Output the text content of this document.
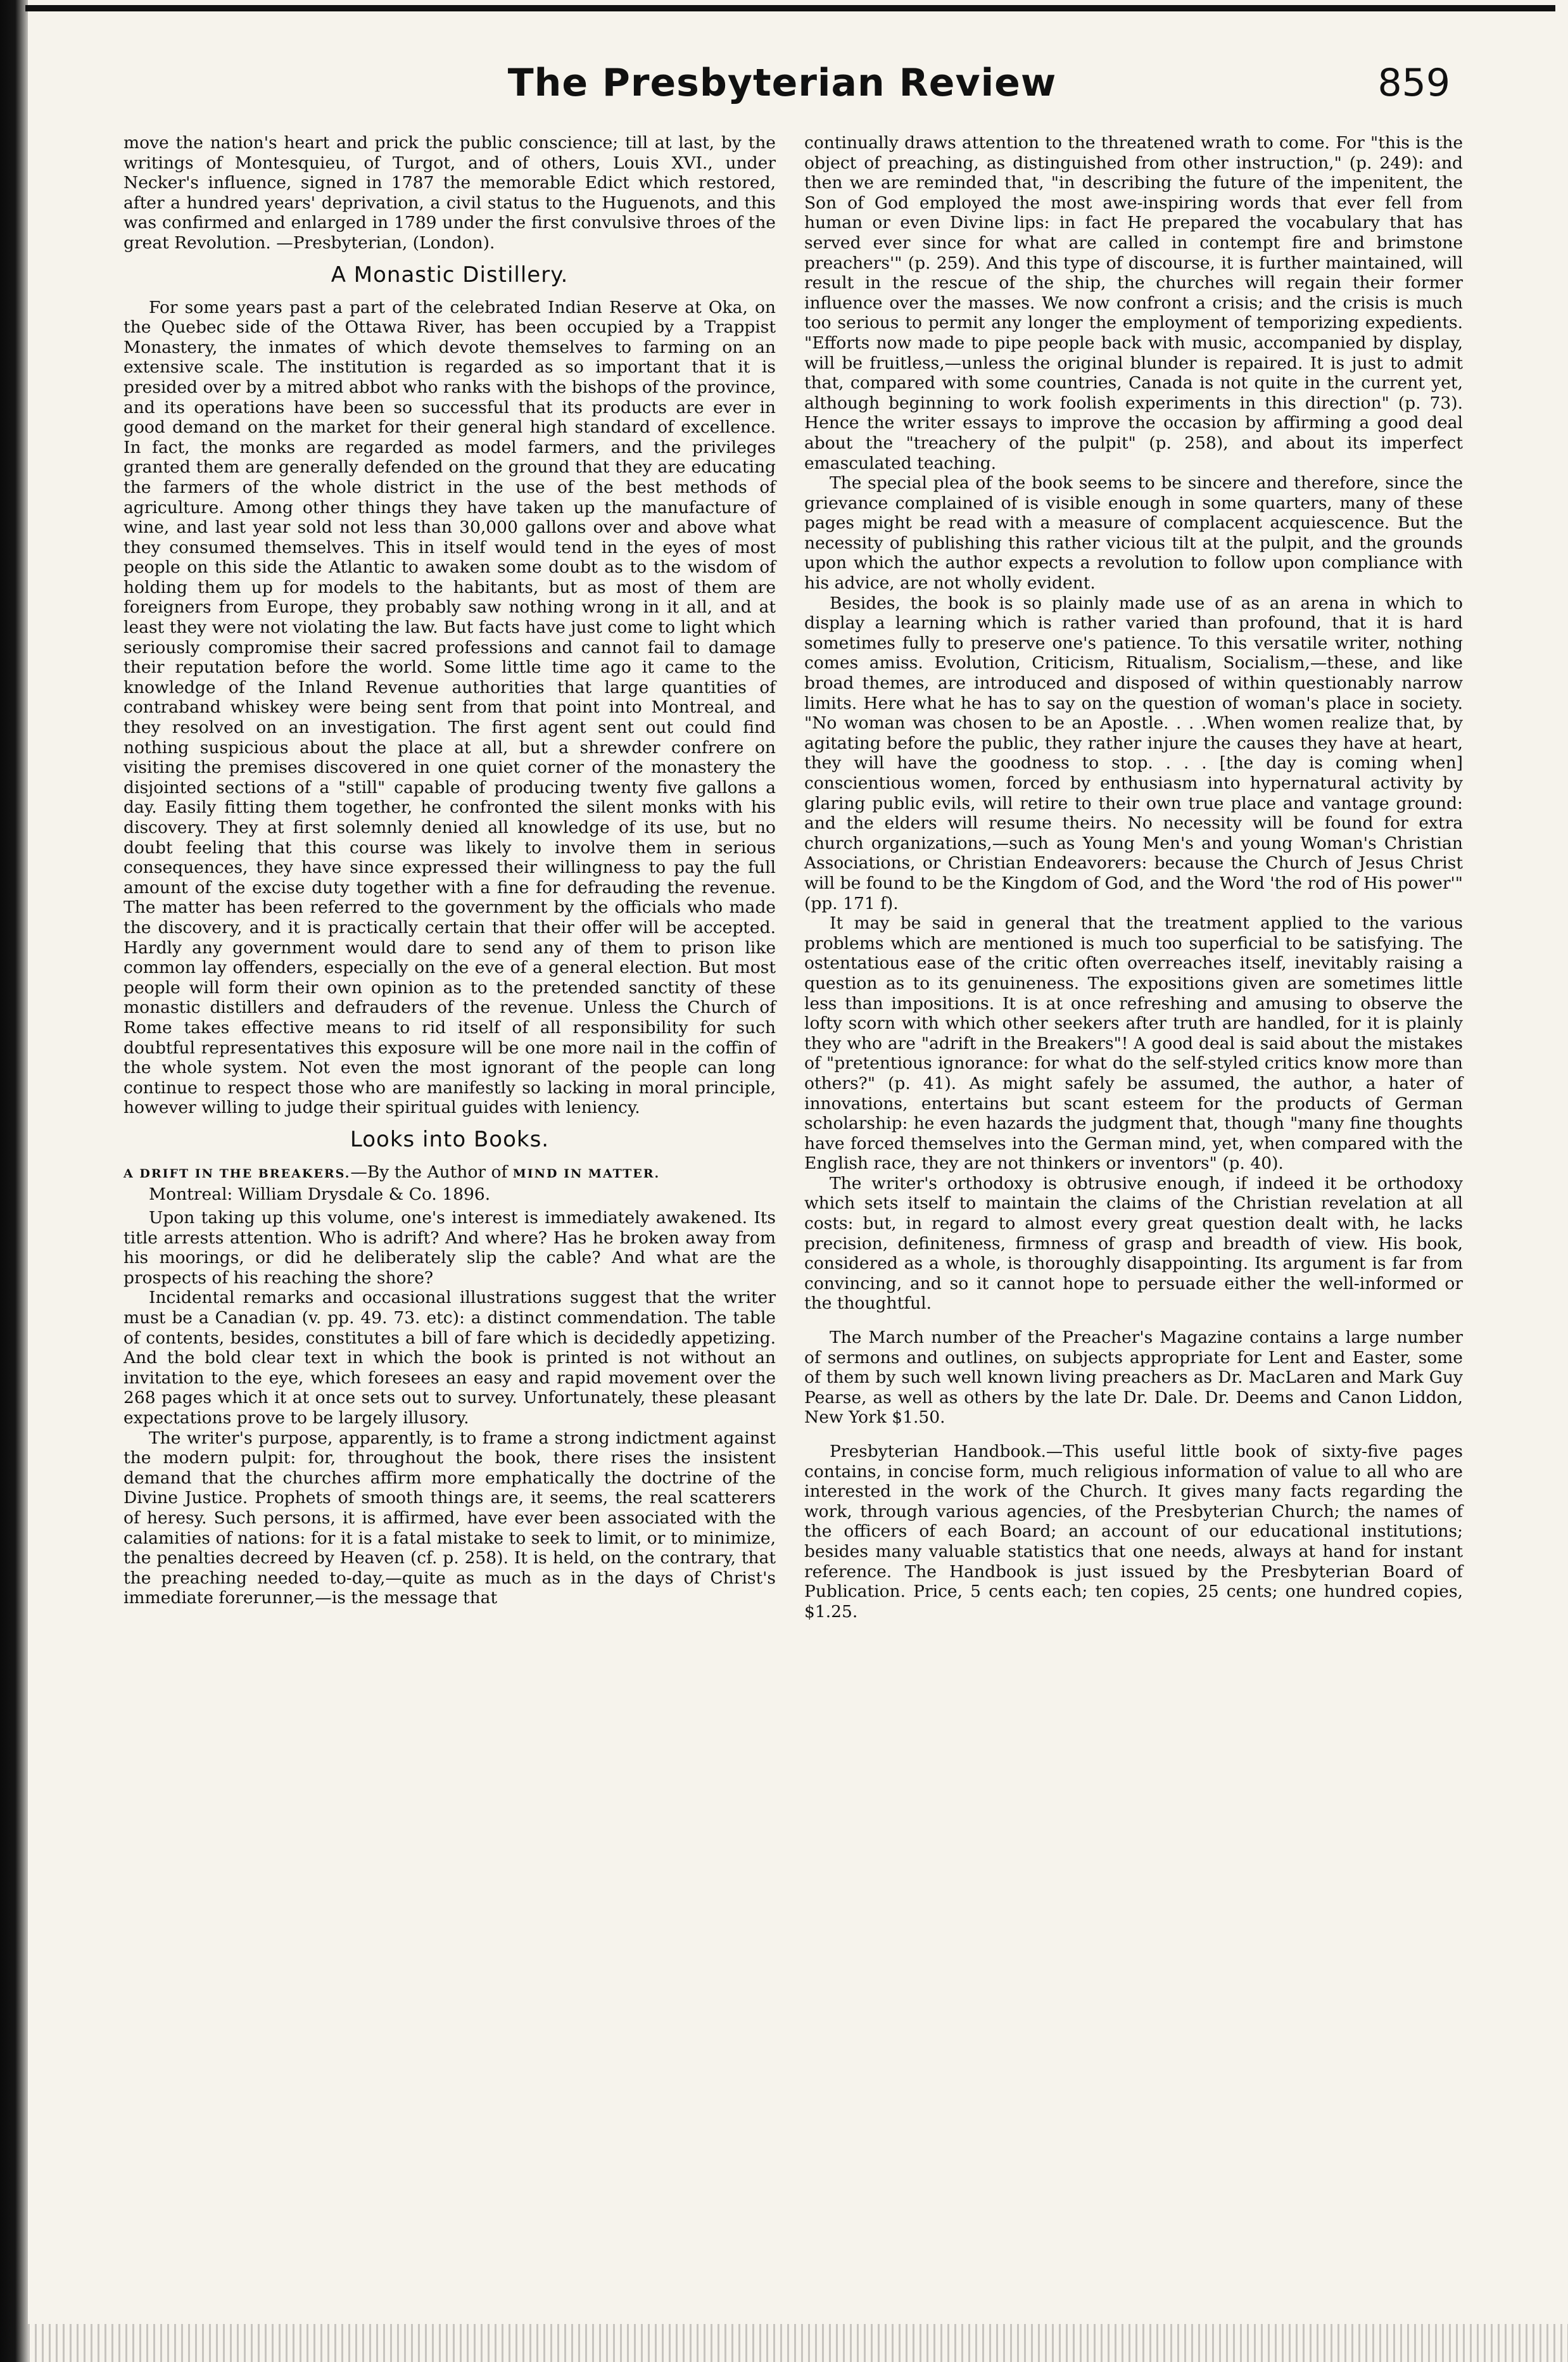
The Presbyterian Review	859

move the nation's heart and prick the public conscience; till at last, by the writings of Montesquieu, of Turgot, and of others, Louis XVI., under Necker's influence, signed in 1787 the memorable Edict which restored, after a hundred years' deprivation, a civil status to the Huguenots, and this was confirmed and enlarged in 1789 under the first convulsive throes of the great Revolution. —Presbyterian, (London).

A Monastic Distillery.

For some years past a part of the celebrated Indian Reserve at Oka, on the Quebec side of the Ottawa River, has been occupied by a Trappist Monastery, the inmates of which devote themselves to farming on an extensive scale. The institution is regarded as so important that it is presided over by a mitred abbot who ranks with the bishops of the province, and its operations have been so successful that its products are ever in good demand on the market for their general high standard of excellence. In fact, the monks are regarded as model farmers, and the privileges granted them are generally defended on the ground that they are educating the farmers of the whole district in the use of the best methods of agriculture. Among other things they have taken up the manufacture of wine, and last year sold not less than 30,000 gallons over and above what they consumed themselves. This in itself would tend in the eyes of most people on this side the Atlantic to awaken some doubt as to the wisdom of holding them up for models to the habitants, but as most of them are foreigners from Europe, they probably saw nothing wrong in it all, and at least they were not violating the law. But facts have just come to light which seriously compromise their sacred professions and cannot fail to damage their reputation before the world. Some little time ago it came to the knowledge of the Inland Revenue authorities that large quantities of contraband whiskey were being sent from that point into Montreal, and they resolved on an investigation. The first agent sent out could find nothing suspicious about the place at all, but a shrewder confrere on visiting the premises discovered in one quiet corner of the monastery the disjointed sections of a "still" capable of producing twenty five gallons a day. Easily fitting them together, he confronted the silent monks with his discovery. They at first solemnly denied all knowledge of its use, but no doubt feeling that this course was likely to involve them in serious consequences, they have since expressed their willingness to pay the full amount of the excise duty together with a fine for defrauding the revenue. The matter has been referred to the government by the officials who made the discovery, and it is practically certain that their offer will be accepted. Hardly any government would dare to send any of them to prison like common lay offenders, especially on the eve of a general election. But most people will form their own opinion as to the pretended sanctity of these monastic distillers and defrauders of the revenue. Unless the Church of Rome takes effective means to rid itself of all responsibility for such doubtful representatives this exposure will be one more nail in the coffin of the whole system. Not even the most ignorant of the people can long continue to respect those who are manifestly so lacking in moral principle, however willing to judge their spiritual guides with leniency.

Looks into Books.
A DRIFT IN THE BREAKERS.—By the Author of MIND IN MATTER.
Montreal: William Drysdale & Co. 1896.

Upon taking up this volume, one's interest is immediately awakened. Its title arrests attention. Who is adrift? And where? Has he broken away from his moorings, or did he deliberately slip the cable? And what are the prospects of his reaching the shore?

Incidental remarks and occasional illustrations suggest that the writer must be a Canadian (v. pp. 49. 73. etc): a distinct commendation. The table of contents, besides, constitutes a bill of fare which is decidedly appetizing. And the bold clear text in which the book is printed is not without an invitation to the eye, which foresees an easy and rapid movement over the 268 pages which it at once sets out to survey. Unfortunately, these pleasant expectations prove to be largely illusory.

The writer's purpose, apparently, is to frame a strong indictment against the modern pulpit: for, throughout the book, there rises the insistent demand that the churches affirm more emphatically the doctrine of the Divine Justice. Prophets of smooth things are, it seems, the real scatterers of heresy. Such persons, it is affirmed, have ever been associated with the calamities of nations: for it is a fatal mistake to seek to limit, or to minimize, the penalties decreed by Heaven (cf. p. 258). It is held, on the contrary, that the preaching needed to-day,—quite as much as in the days of Christ's immediate forerunner,—is the message that

continually draws attention to the threatened wrath to come. For "this is the object of preaching, as distinguished from other instruction," (p. 249): and then we are reminded that, "in describing the future of the impenitent, the Son of God employed the most awe-inspiring words that ever fell from human or even Divine lips: in fact He prepared the vocabulary that has served ever since for what are called in contempt fire and brimstone preachers'" (p. 259). And this type of discourse, it is further maintained, will result in the rescue of the ship, the churches will regain their former influence over the masses. We now confront a crisis; and the crisis is much too serious to permit any longer the employment of temporizing expedients. "Efforts now made to pipe people back with music, accompanied by display, will be fruitless,—unless the original blunder is repaired. It is just to admit that, compared with some countries, Canada is not quite in the current yet, although beginning to work foolish experiments in this direction" (p. 73). Hence the writer essays to improve the occasion by affirming a good deal about the "treachery of the pulpit" (p. 258), and about its imperfect emasculated teaching.

The special plea of the book seems to be sincere and therefore, since the grievance complained of is visible enough in some quarters, many of these pages might be read with a measure of complacent acquiescence. But the necessity of publishing this rather vicious tilt at the pulpit, and the grounds upon which the author expects a revolution to follow upon compliance with his advice, are not wholly evident.

Besides, the book is so plainly made use of as an arena in which to display a learning which is rather varied than profound, that it is hard sometimes fully to preserve one's patience. To this versatile writer, nothing comes amiss. Evolution, Criticism, Ritualism, Socialism,—these, and like broad themes, are introduced and disposed of within questionably narrow limits. Here what he has to say on the question of woman's place in society. "No woman was chosen to be an Apostle. . . .When women realize that, by agitating before the public, they rather injure the causes they have at heart, they will have the goodness to stop. . . . [the day is coming when] conscientious women, forced by enthusiasm into hypernatural activity by glaring public evils, will retire to their own true place and vantage ground: and the elders will resume theirs. No necessity will be found for extra church organizations,—such as Young Men's and young Woman's Christian Associations, or Christian Endeavorers: because the Church of Jesus Christ will be found to be the Kingdom of God, and the Word 'the rod of His power'" (pp. 171 f).

It may be said in general that the treatment applied to the various problems which are mentioned is much too superficial to be satisfying. The ostentatious ease of the critic often overreaches itself, inevitably raising a question as to its genuineness. The expositions given are sometimes little less than impositions. It is at once refreshing and amusing to observe the lofty scorn with which other seekers after truth are handled, for it is plainly they who are "adrift in the Breakers"! A good deal is said about the mistakes of "pretentious ignorance: for what do the self-styled critics know more than others?" (p. 41). As might safely be assumed, the author, a hater of innovations, entertains but scant esteem for the products of German scholarship: he even hazards the judgment that, though "many fine thoughts have forced themselves into the German mind, yet, when compared with the English race, they are not thinkers or inventors" (p. 40).

The writer's orthodoxy is obtrusive enough, if indeed it be orthodoxy which sets itself to maintain the claims of the Christian revelation at all costs: but, in regard to almost every great question dealt with, he lacks precision, definiteness, firmness of grasp and breadth of view. His book, considered as a whole, is thoroughly disappointing. Its argument is far from convincing, and so it cannot hope to persuade either the well-informed or the thoughtful.

The March number of the Preacher's Magazine contains a large number of sermons and outlines, on subjects appropriate for Lent and Easter, some of them by such well known living preachers as Dr. MacLaren and Mark Guy Pearse, as well as others by the late Dr. Dale. Dr. Deems and Canon Liddon, New York $1.50.

Presbyterian Handbook.—This useful little book of sixty-five pages contains, in concise form, much religious information of value to all who are interested in the work of the Church. It gives many facts regarding the work, through various agencies, of the Presbyterian Church; the names of the officers of each Board; an account of our educational institutions; besides many valuable statistics that one needs, always at hand for instant reference. The Handbook is just issued by the Presbyterian Board of Publication. Price, 5 cents each; ten copies, 25 cents; one hundred copies, $1.25.
